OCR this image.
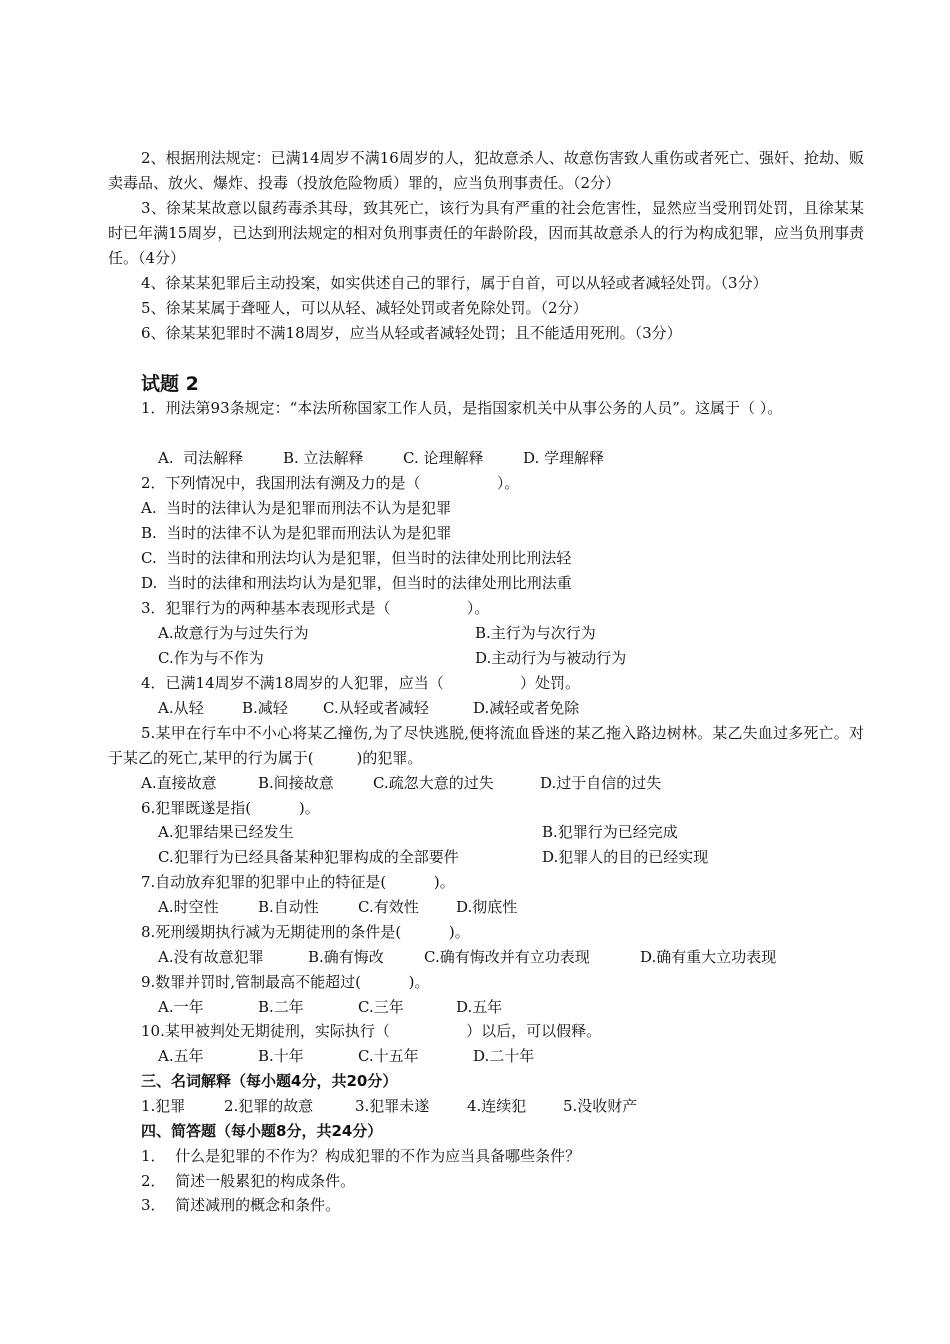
2、根据刑法规定：已满14周岁不满16周岁的人，犯故意杀人、故意伤害致人重伤或者死亡、强奸、抢劫、贩卖毒品、放火、爆炸、投毒（投放危险物质）罪的，应当负刑事责任。（2分）
3、徐某某故意以鼠药毒杀其母，致其死亡，该行为具有严重的社会危害性，显然应当受刑罚处罚，且徐某某时已年满15周岁，已达到刑法规定的相对负刑事责任的年龄阶段，因而其故意杀人的行为构成犯罪，应当负刑事责任。（4分）
4、徐某某犯罪后主动投案，如实供述自己的罪行，属于自首，可以从轻或者减轻处罚。（3分）
5、徐某某属于聋哑人，可以从轻、减轻处罚或者免除处罚。（2分）
6、徐某某犯罪时不满18周岁，应当从轻或者减轻处罚；且不能适用死刑。（3分）
试题 2
1．刑法第93条规定：“本法所称国家工作人员，是指国家机关中从事公务的人员”。这属于（ ）。
A.  司法解释	B. 立法解释	C. 论理解释	D. 学理解释
2．下列情况中，我国刑法有溯及力的是（                ）。
A.  当时的法律认为是犯罪而刑法不认为是犯罪
B.  当时的法律不认为是犯罪而刑法认为是犯罪
C.  当时的法律和刑法均认为是犯罪，但当时的法律处刑比刑法轻
D.  当时的法律和刑法均认为是犯罪，但当时的法律处刑比刑法重
3．犯罪行为的两种基本表现形式是（                ）。
A.故意行为与过失行为	B.主行为与次行为
C.作为与不作为	D.主动行为与被动行为
4．已满14周岁不满18周岁的人犯罪，应当（                ）处罚。
A.从轻	B.减轻 C.从轻或者减轻	D.减轻或者免除
5.某甲在行车中不小心将某乙撞伤,为了尽快逃脱,便将流血昏迷的某乙拖入路边树林。某乙失血过多死亡。对于某乙的死亡,某甲的行为属于(         )的犯罪。
A.直接故意	B.间接故意	C.疏忽大意的过失	D.过于自信的过失
6.犯罪既遂是指(          )。
A.犯罪结果已经发生	B.犯罪行为已经完成
C.犯罪行为已经具备某种犯罪构成的全部要件	D.犯罪人的目的已经实现
7.自动放弃犯罪的犯罪中止的特征是(          )。
A.时空性	B.自动性	C.有效性 D.彻底性
8.死刑缓期执行减为无期徒刑的条件是(          )。
A.没有故意犯罪	B.确有悔改	C.确有悔改并有立功表现	D.确有重大立功表现
9.数罪并罚时,管制最高不能超过(          )。
A.一年	B.二年	C.三年	D.五年
10.某甲被判处无期徒刑，实际执行（                ）以后，可以假释。
A.五年	B.十年	C.十五年	D.二十年
三、名词解释（每小题4分，共20分）
1.犯罪	2.犯罪的故意	3.犯罪未遂	4.连续犯 5.没收财产
四、简答题（每小题8分，共24分）
1．  什么是犯罪的不作为？构成犯罪的不作为应当具备哪些条件？
2．  简述一般累犯的构成条件。
3．  简述减刑的概念和条件。
